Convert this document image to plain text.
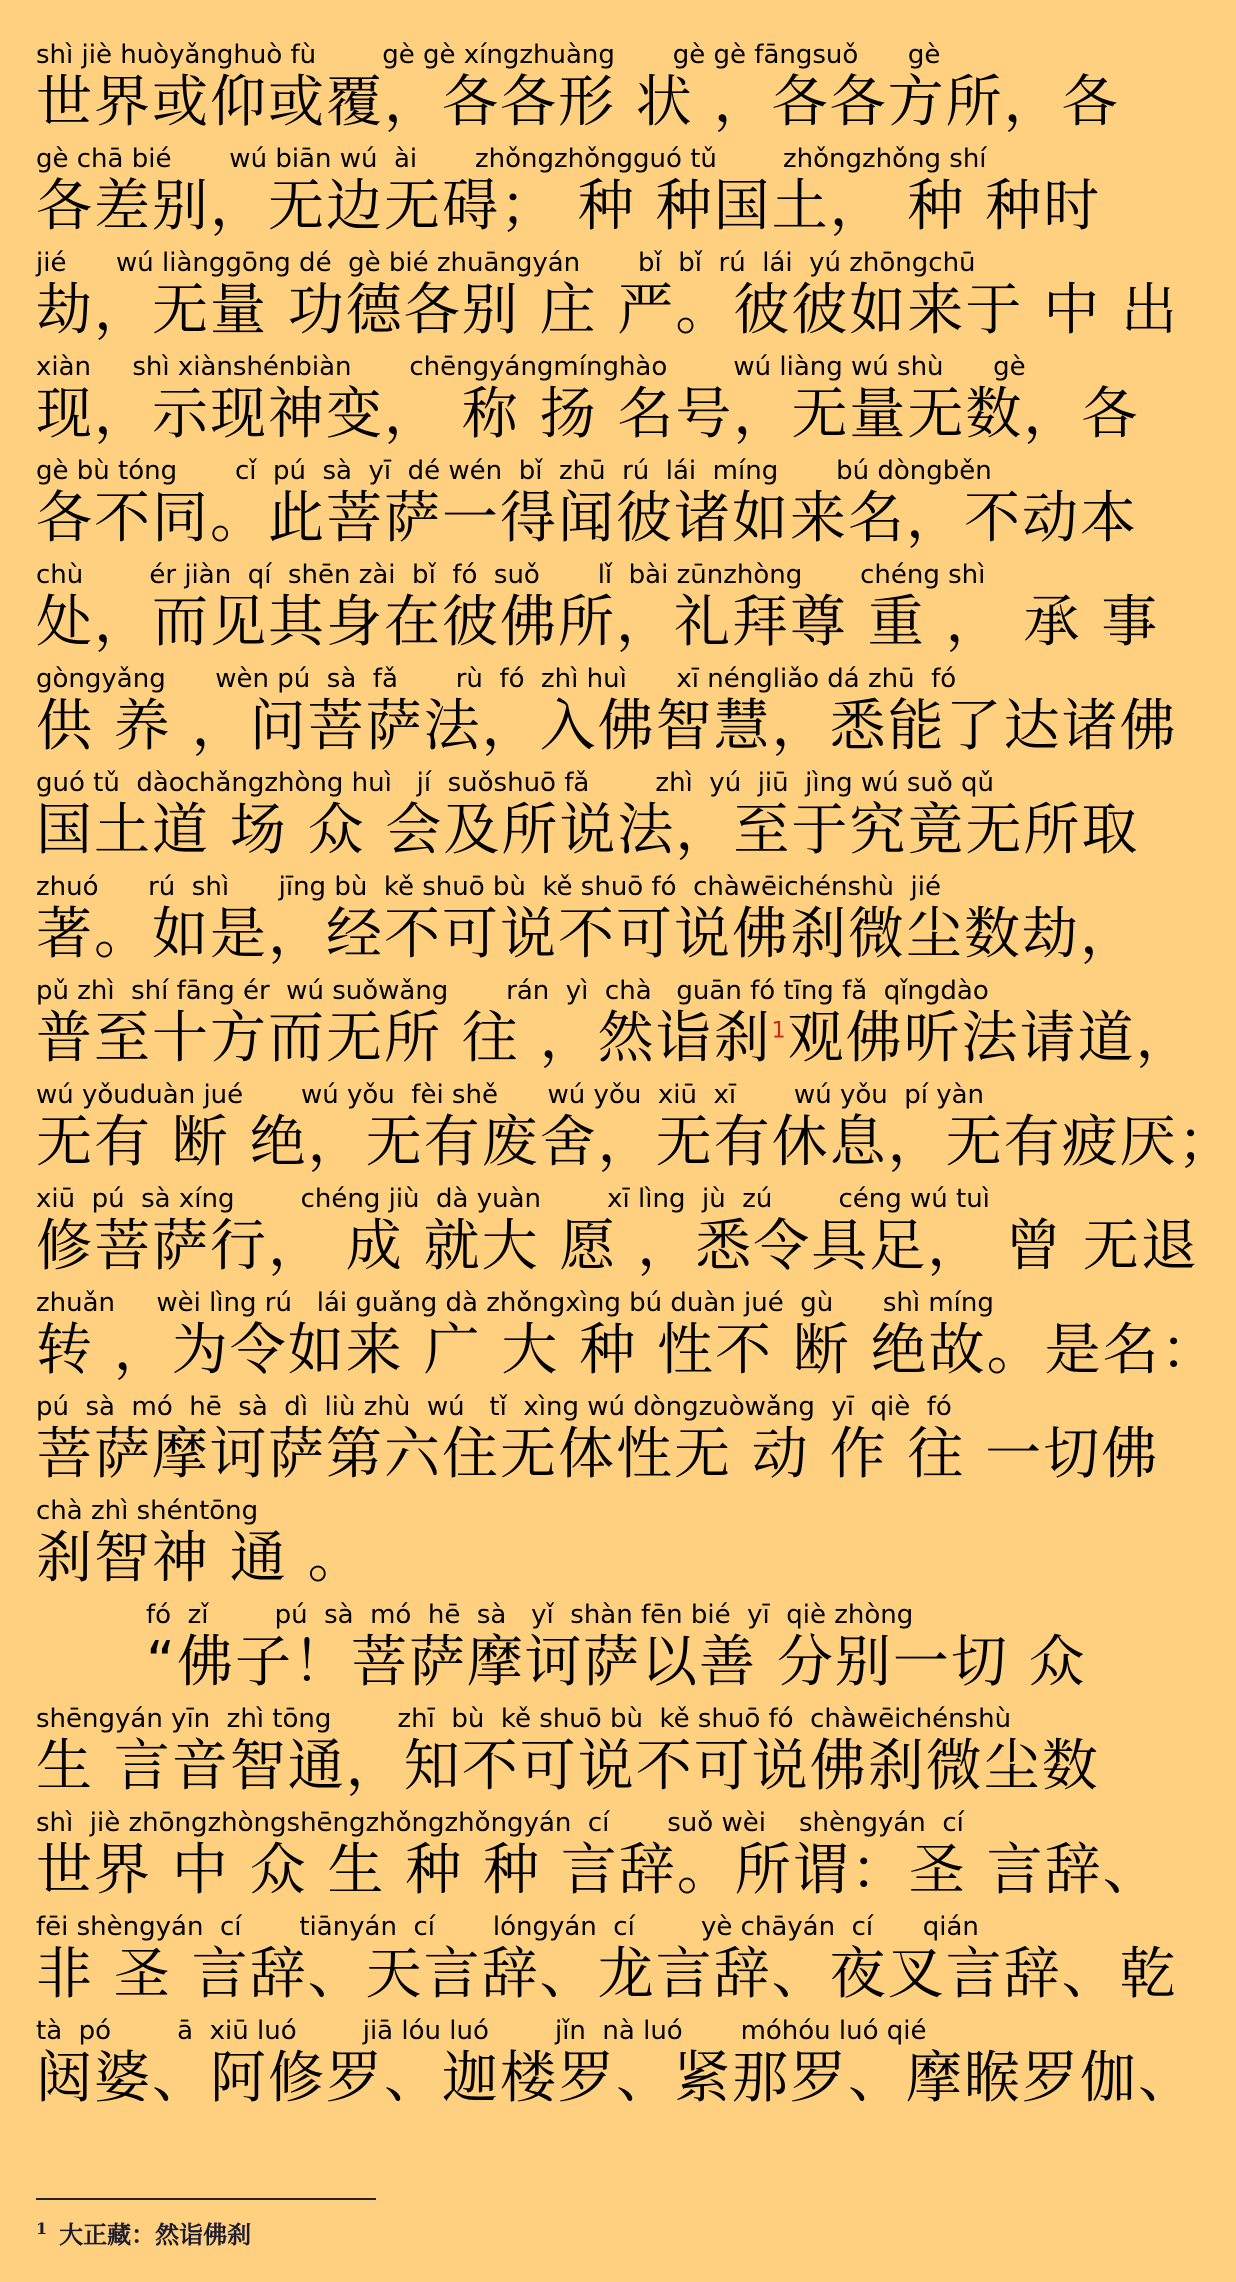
shì jiè huòyǎnghuò fù        gè gè xíngzhuàng       gè gè fāngsuǒ      gè
世界或仰或覆，各各形 状 ，各各方所，各
gè chā bié       wú biān wú  ài       zhǒngzhǒngguó tǔ        zhǒngzhǒng shí
各差别，无边无碍； 种 种国土， 种 种时
jié      wú liànggōng dé  gè bié zhuāngyán       bǐ  bǐ  rú  lái  yú zhōngchū
劫，无量 功德各别 庄 严。彼彼如来于 中 出
xiàn     shì xiànshénbiàn       chēngyángmínghào        wú liàng wú shù      gè
现，示现神变， 称 扬 名号，无量无数，各
gè bù tóng       cǐ  pú  sà  yī  dé wén  bǐ  zhū  rú  lái  míng       bú dòngběn
各不同。此菩萨一得闻彼诸如来名，不动本
chù        ér jiàn  qí  shēn zài  bǐ  fó  suǒ       lǐ  bài zūnzhòng       chéng shì
处，而见其身在彼佛所，礼拜尊 重 ， 承 事
gòngyǎng      wèn pú  sà  fǎ       rù  fó  zhì huì      xī néngliǎo dá zhū  fó
供 养 ，问菩萨法，入佛智慧，悉能了达诸佛
guó tǔ  dàochǎngzhòng huì   jí  suǒshuō fǎ        zhì  yú  jiū  jìng wú suǒ qǔ
国土道 场 众 会及所说法，至于究竟无所取
zhuó      rú  shì      jīng bù  kě shuō bù  kě shuō fó  chàwēichénshù  jié
著。如是，经不可说不可说佛刹微尘数劫，
pǔ zhì  shí fāng ér  wú suǒwǎng       rán  yì  chà   guān fó tīng fǎ  qǐngdào
普至十方而无所 往 ，然诣刹$^1$观佛听法请道，
wú yǒuduàn jué       wú yǒu  fèi shě      wú yǒu  xiū  xī       wú yǒu  pí yàn
无有 断 绝，无有废舍，无有休息，无有疲厌；
xiū  pú  sà xíng        chéng jiù  dà yuàn        xī lìng  jù  zú        céng wú tuì
修菩萨行， 成 就大 愿 ，悉令具足， 曾 无退
zhuǎn     wèi lìng rú   lái guǎng dà zhǒngxìng bú duàn jué  gù      shì míng
转 ，为令如来 广 大 种 性不 断 绝故。是名：
pú  sà  mó  hē  sà  dì  liù zhù  wú   tǐ  xìng wú dòngzuòwǎng  yī  qiè  fó
菩萨摩诃萨第六住无体性无 动 作 往 一切佛
chà zhì shéntōng
刹智神 通 。
fó  zǐ        pú  sà  mó  hē  sà   yǐ  shàn fēn bié  yī  qiè zhòng
“佛子！菩萨摩诃萨以善 分别一切 众
shēngyán yīn  zhì tōng        zhī  bù  kě shuō bù  kě shuō fó  chàwēichénshù
生 言音智通，知不可说不可说佛刹微尘数
shì  jiè zhōngzhòngshēngzhǒngzhǒngyán  cí       suǒ wèi    shèngyán  cí
世界 中 众 生 种 种 言辞。所谓：圣 言辞、
fēi shèngyán  cí       tiānyán  cí       lóngyán  cí        yè chāyán  cí      qián
非 圣 言辞、天言辞、龙言辞、夜叉言辞、乾
tà  pó        ā  xiū luó        jiā lóu luó        jǐn  nà luó       móhóu luó qié
闼婆、阿修罗、迦楼罗、紧那罗、摩睺罗伽、
$^1$ 大正藏：然诣佛刹
